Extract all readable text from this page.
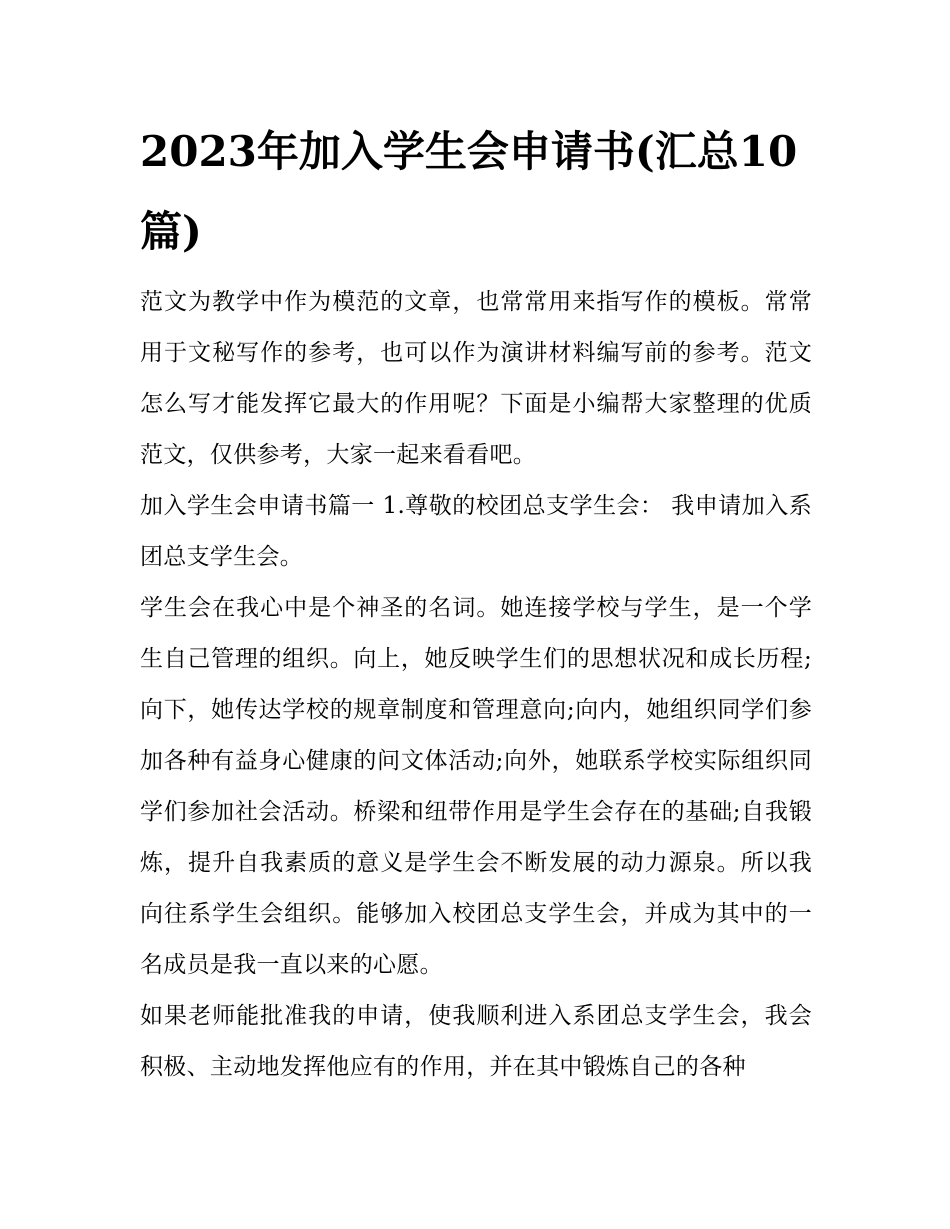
2023年加入学生会申请书(汇总10篇)

范文为教学中作为模范的文章，也常常用来指写作的模板。常常用于文秘写作的参考，也可以作为演讲材料编写前的参考。范文怎么写才能发挥它最大的作用呢？下面是小编帮大家整理的优质范文，仅供参考，大家一起来看看吧。

加入学生会申请书篇一 1.尊敬的校团总支学生会： 我申请加入系团总支学生会。

学生会在我心中是个神圣的名词。她连接学校与学生，是一个学生自己管理的组织。向上，她反映学生们的思想状况和成长历程;向下，她传达学校的规章制度和管理意向;向内，她组织同学们参加各种有益身心健康的问文体活动;向外，她联系学校实际组织同学们参加社会活动。桥梁和纽带作用是学生会存在的基础;自我锻炼，提升自我素质的意义是学生会不断发展的动力源泉。所以我向往系学生会组织。能够加入校团总支学生会，并成为其中的一名成员是我一直以来的心愿。

如果老师能批准我的申请，使我顺利进入系团总支学生会，我会积极、主动地发挥他应有的作用，并在其中锻炼自己的各种
